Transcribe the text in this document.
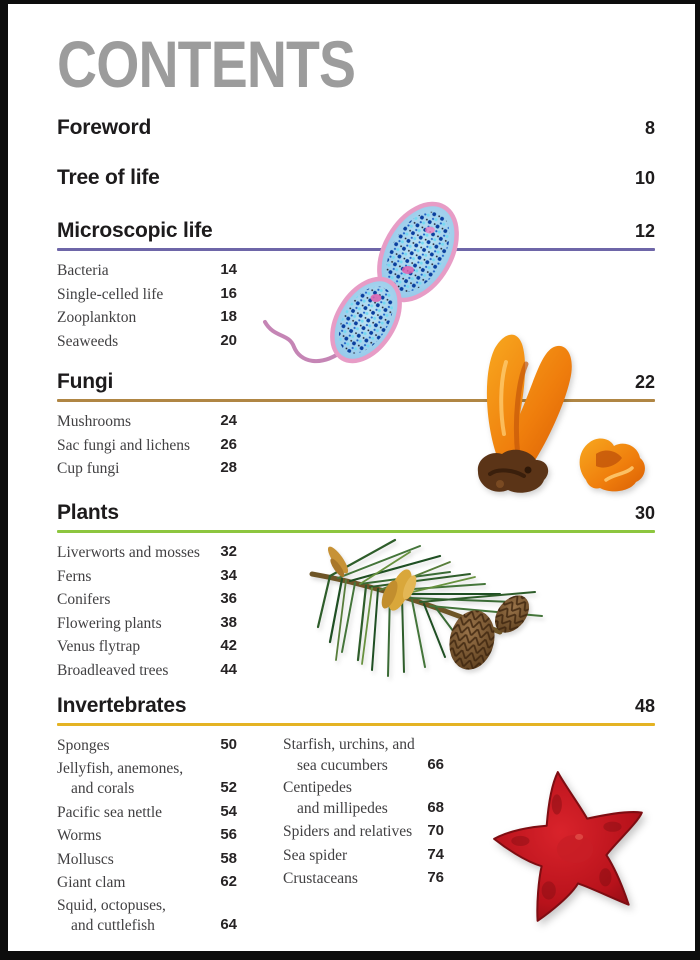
CONTENTS
Foreword	8
Tree of life	10
Microscopic life	12
Bacteria	14
Single-celled life	16
Zooplankton	18
Seaweeds	20
Fungi	22
Mushrooms	24
Sac fungi and lichens 26
Cup fungi	28
Plants	30
Liverworts and mosses 32
Ferns	34
Conifers	36
Flowering plants	38
Venus flytrap	42
Broadleaved trees	44
Invertebrates	48
Sponges	50
Jellyfish, anemones,
and corals	52
Pacific sea nettle	54
Worms	56
Molluscs	58
Giant clam	62
Squid, octopuses,
and cuttlefish	64
Starfish, urchins, and
sea cucumbers	66
Centipedes
and millipedes	68
Spiders and relatives 70
Sea spider	74
Crustaceans	76
